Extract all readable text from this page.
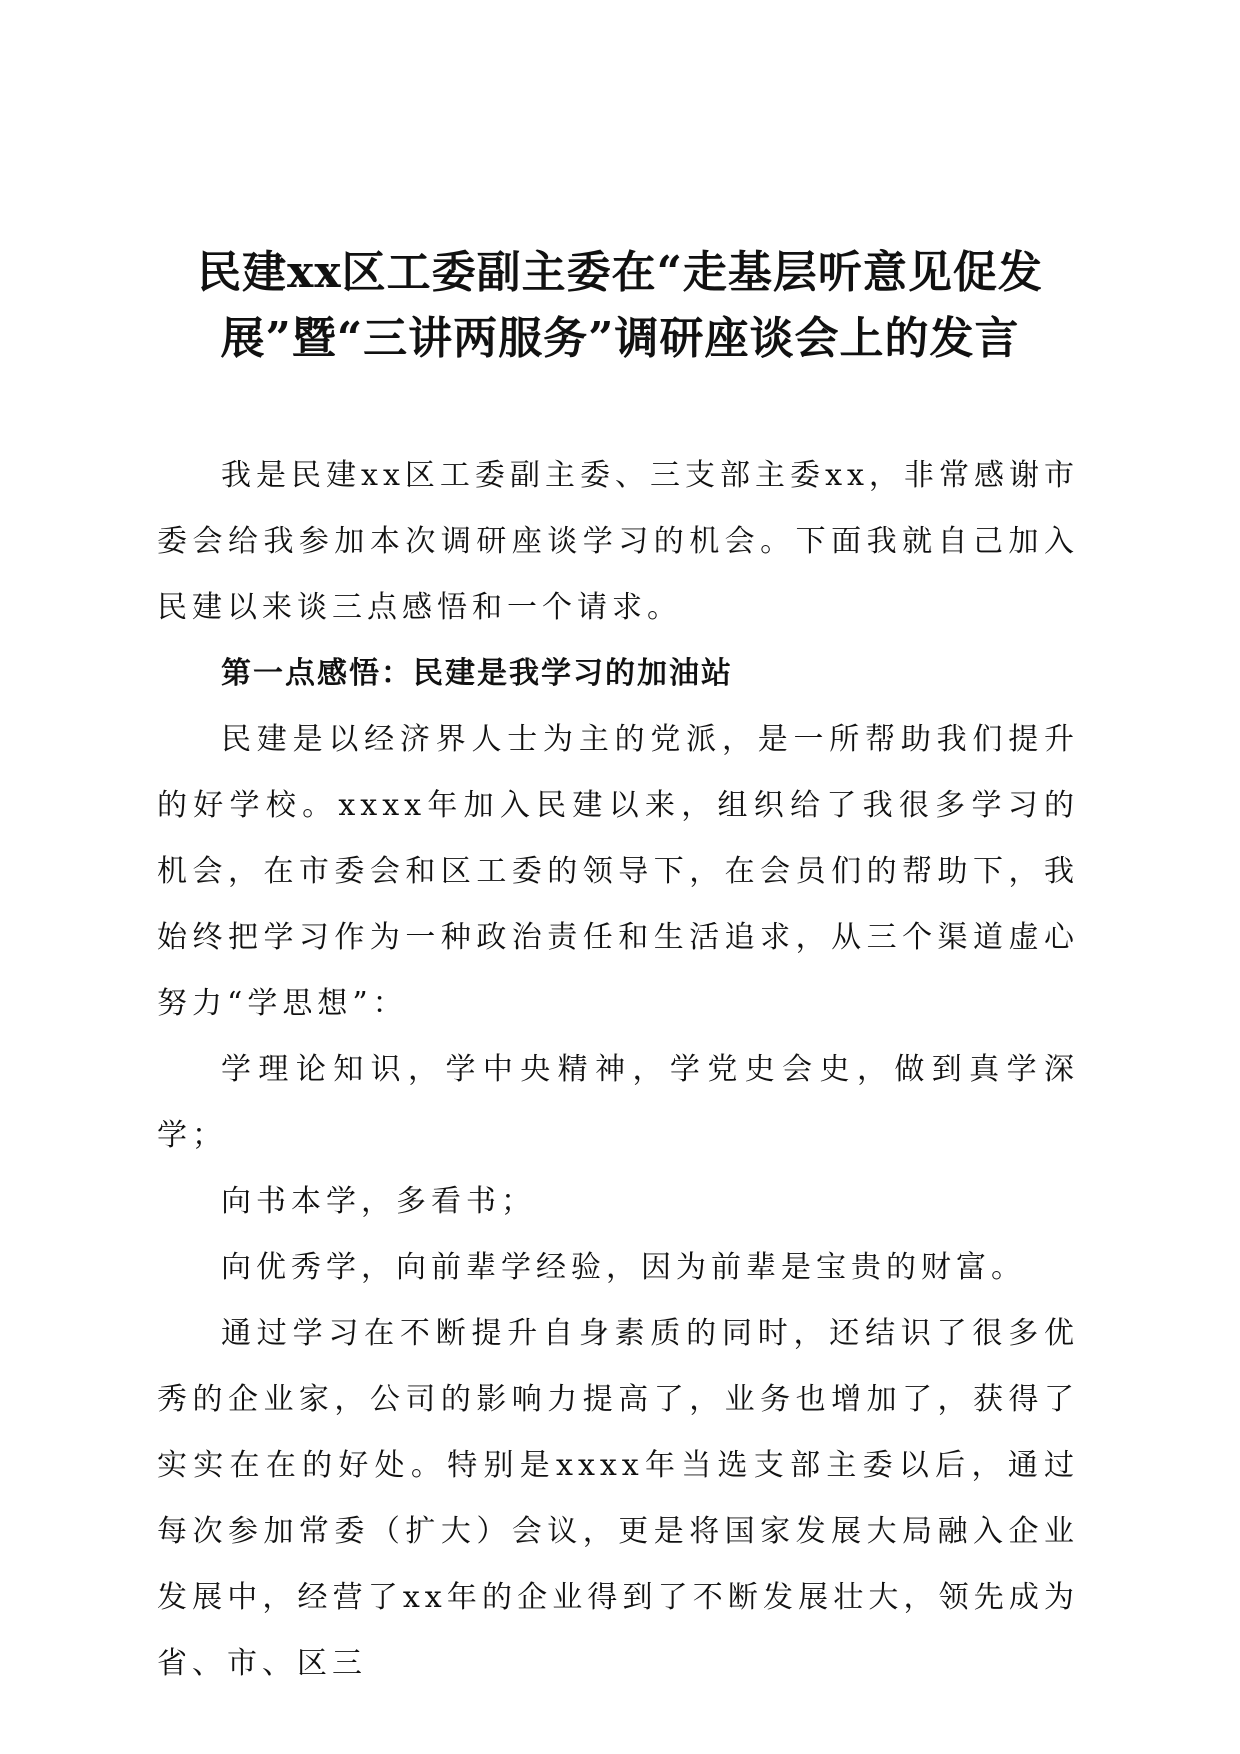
民建xx区工委副主委在“走基层听意见促发
展”暨“三讲两服务”调研座谈会上的发言

我是民建xx区工委副主委、三支部主委xx，非常感谢市委会给我参加本次调研座谈学习的机会。下面我就自己加入民建以来谈三点感悟和一个请求。

第一点感悟：民建是我学习的加油站

民建是以经济界人士为主的党派，是一所帮助我们提升的好学校。xxxx年加入民建以来，组织给了我很多学习的机会，在市委会和区工委的领导下，在会员们的帮助下，我始终把学习作为一种政治责任和生活追求，从三个渠道虚心努力“学思想”：

学理论知识，学中央精神，学党史会史，做到真学深学；

向书本学，多看书；

向优秀学，向前辈学经验，因为前辈是宝贵的财富。

通过学习在不断提升自身素质的同时，还结识了很多优秀的企业家，公司的影响力提高了，业务也增加了，获得了实实在在的好处。特别是xxxx年当选支部主委以后，通过每次参加常委（扩大）会议，更是将国家发展大局融入企业发展中，经营了xx年的企业得到了不断发展壮大，领先成为省、市、区三
